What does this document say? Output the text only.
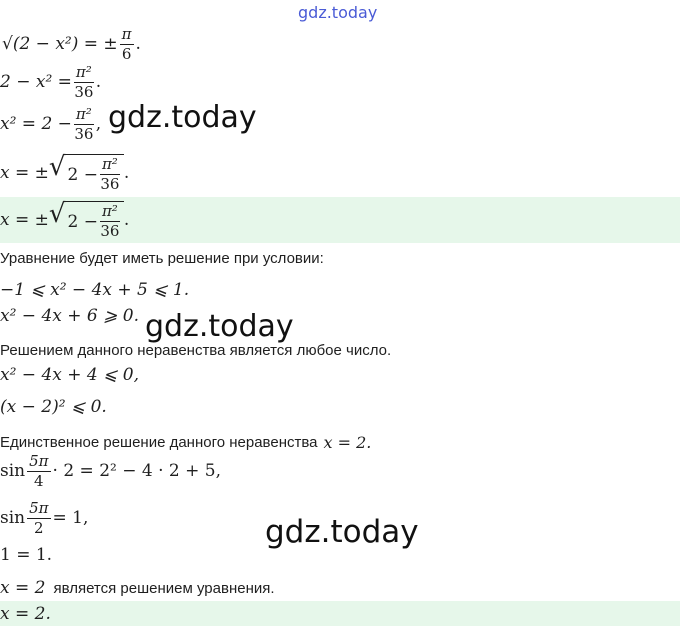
gdz.today
√(2 − x²) = ± $\frac{\pi}{6}$ .
$2 - x^2 = \frac{\text{π²}}{36}$ .
$x^2 = 2 - \frac{\text{π²}}{36}$ , gdz.today
x = ± √ $2 - \frac{\text{π²}}{36}$ .
x = ± √ $2 - \frac{\text{π²}}{36}$ .
Уравнение будет иметь решение при условии:
−1 ⩽ x² − 4x + 5 ⩽ 1.
x² − 4x + 6 ⩾ 0. gdz.today
Решением данного неравенства является любое число.
x² − 4x + 4 ⩽ 0,
(x − 2)² ⩽ 0.
Единственное решение данного неравенства x = 2.
$\sin \frac{5\pi}{4} \cdot 2 = 2^2 - 4 \cdot 2 + 5$,
$\sin \frac{5\pi}{2} = 1$,	gdz.today
1 = 1.
x = 2 является решением уравнения.
x = 2.
